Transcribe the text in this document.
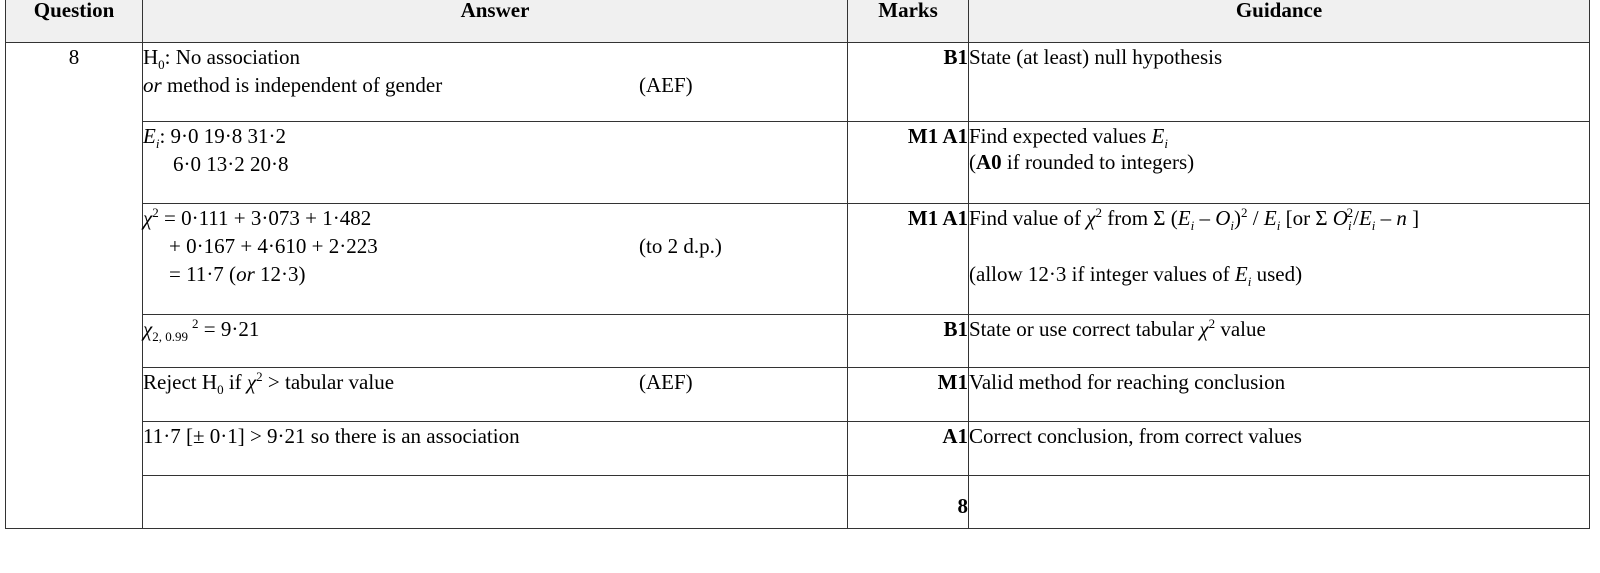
Question	Answer	Marks	Guidance
8	$H_0$: No association
or method is independent of gender (AEF)	B1	State (at least) null hypothesis

	$E_i$: 9·0 19·8 31·2
6·0 13·2 20·8	M1 A1	Find expected values $E_i$
(A0 if rounded to integers)

	$\chi^2 = 0\cdot 111 + 3\cdot 073 + 1\cdot 482$
+ 0·167 + 4·610 + 2·223 (to 2 d.p.)
= 11·7 (or 12·3)	M1 A1	Find value of $\chi^2$ from Σ $(E_i - O_i)^2 / E_i$ [or Σ $O_i^2/E_i$ – n ]
(allow 12·3 if integer values of $E_i$ used)

	$\chi_{2, 0.99}^2 = 9\cdot 21$	B1	State or use correct tabular $\chi^2$ value

	Reject $H_0$ if $\chi^2$ > tabular value (AEF)	M1	Valid method for reaching conclusion

	11·7 [± 0·1] > 9·21 so there is an association	A1	Correct conclusion, from correct values

		8	
